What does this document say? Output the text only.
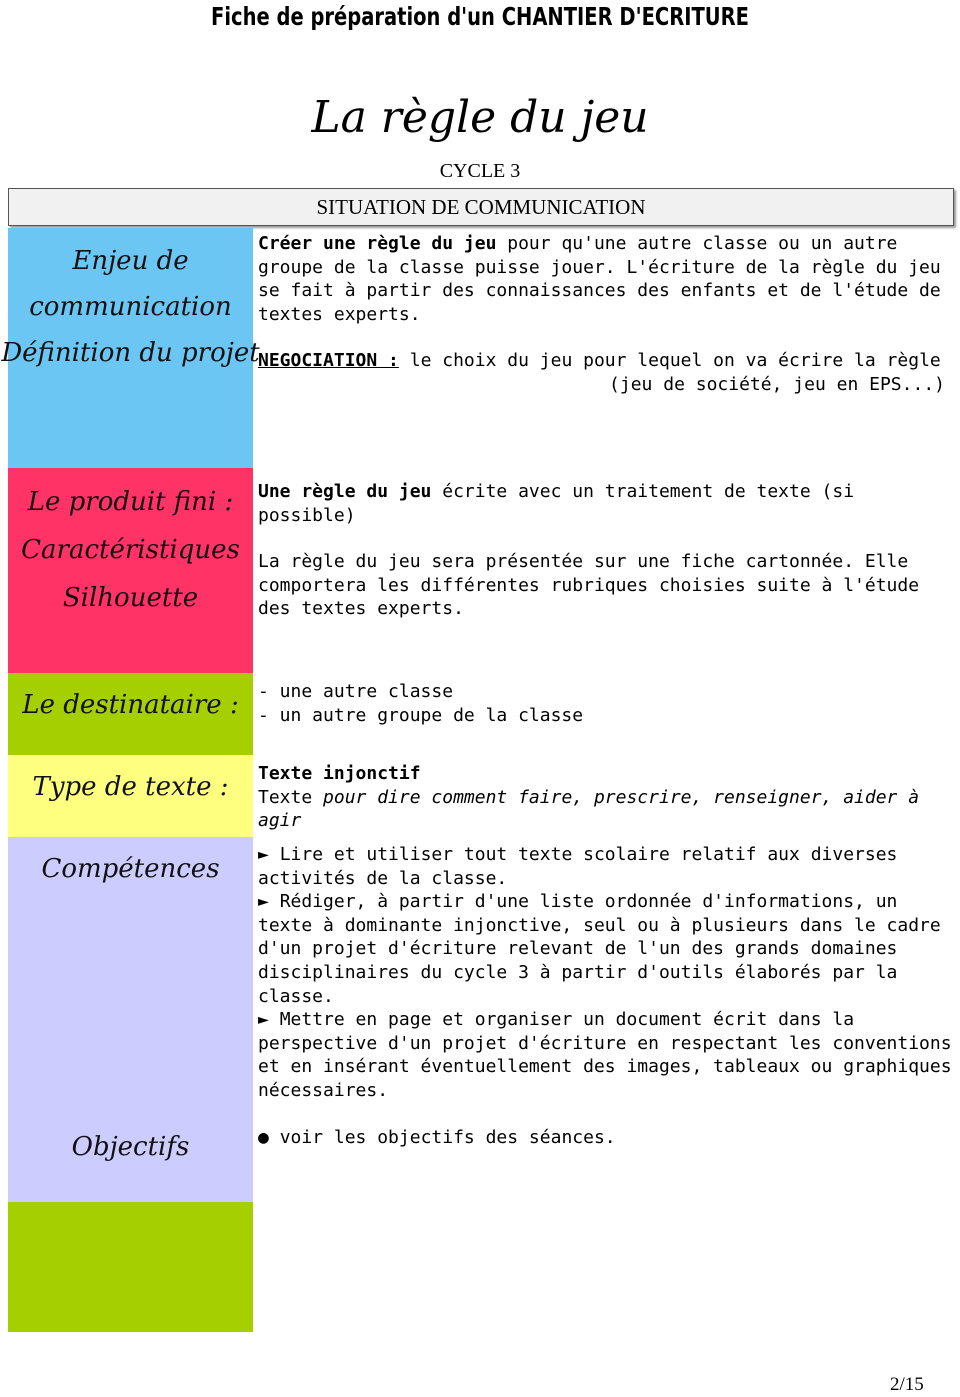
Fiche de préparation d'un CHANTIER D'ECRITURE
La règle du jeu
CYCLE 3
SITUATION DE COMMUNICATION
Enjeu de
communication
Définition du projet

Créer une règle du jeu pour qu'une autre classe ou un autre groupe de la classe puisse jouer. L'écriture de la règle du jeu se fait à partir des connaissances des enfants et de l'étude de textes experts.

NEGOCIATION : le choix du jeu pour lequel on va écrire la règle

(jeu de société, jeu en EPS...)

Le produit fini :
Caractéristiques
Silhouette

Une règle du jeu écrite avec un traitement de texte (si possible)

La règle du jeu sera présentée sur une fiche cartonnée. Elle comportera les différentes rubriques choisies suite à l'étude des textes experts.

Le destinataire :	- une autre classe

- un autre groupe de la classe

Type de texte :	Texte injonctif

Texte pour dire comment faire, prescrire, renseigner, aider à agir

Compétences
Objectifs

► Lire et utiliser tout texte scolaire relatif aux diverses activités de la classe.

► Rédiger, à partir d'une liste ordonnée d'informations, un texte à dominante injonctive, seul ou à plusieurs dans le cadre d'un projet d'écriture relevant de l'un des grands domaines disciplinaires du cycle 3 à partir d'outils élaborés par la classe.

► Mettre en page et organiser un document écrit dans la perspective d'un projet d'écriture en respectant les conventions et en insérant éventuellement des images, tableaux ou graphiques nécessaires.

● voir les objectifs des séances.

2/15
